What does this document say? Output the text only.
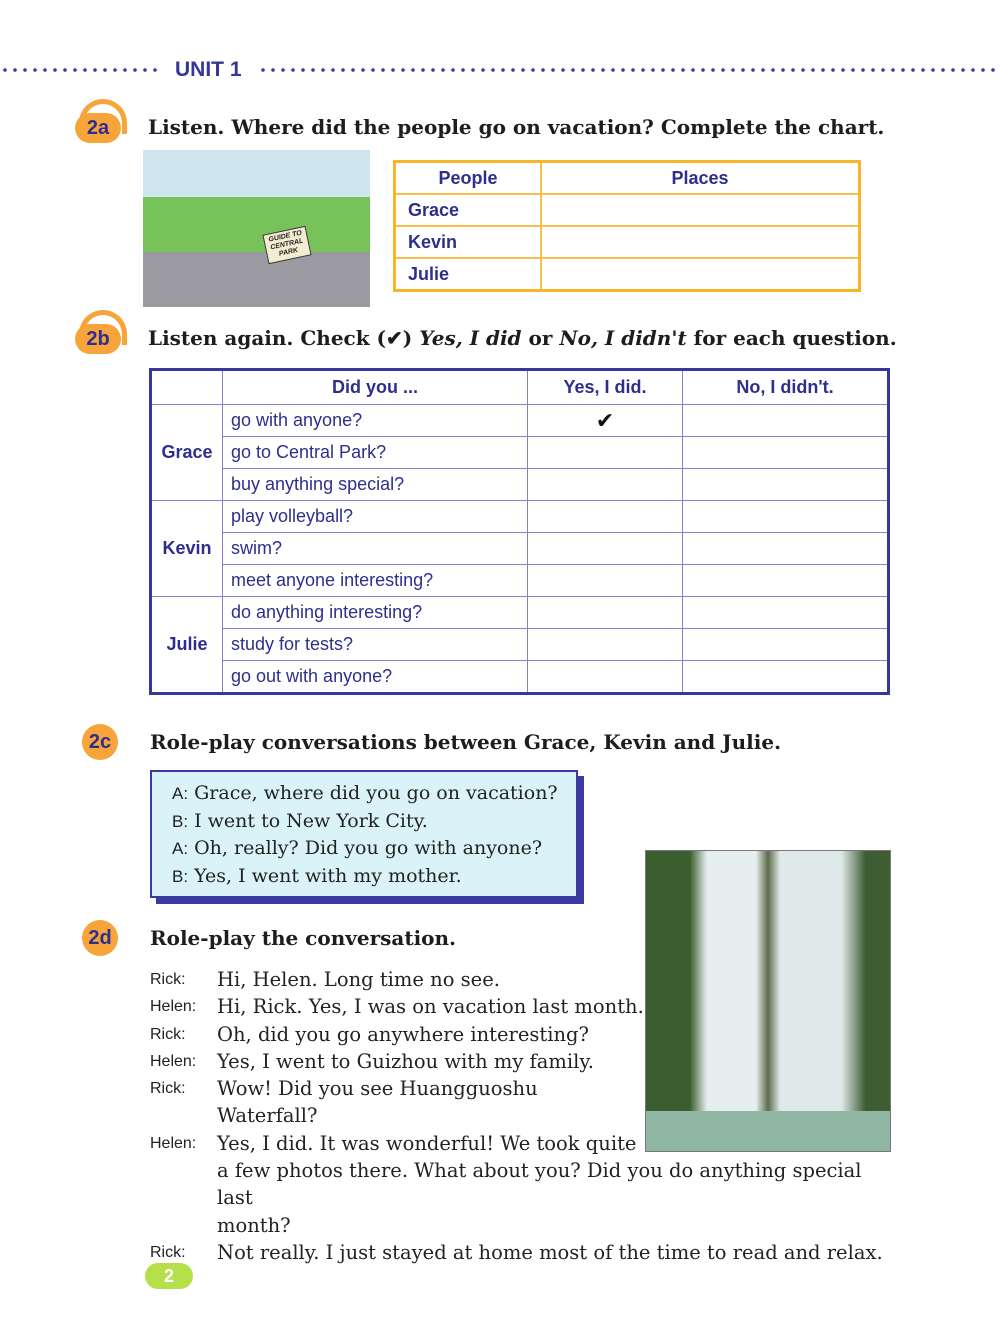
UNIT 1
2a	Listen. Where did the people go on vacation? Complete the chart.
GUIDE TO CENTRAL PARK
People	Places
Grace	
Kevin	
Julie	
2b	Listen again. Check (✔) Yes, I did or No, I didn't for each question.
	Did you ...	Yes, I did.	No, I didn't.
Grace	go with anyone?	✔	
	go to Central Park?		
	buy anything special?		
Kevin	play volleyball?		
	swim?		
	meet anyone interesting?		
Julie	do anything interesting?		
	study for tests?		
	go out with anyone?		
2c	Role-play conversations between Grace, Kevin and Julie.
A: Grace, where did you go on vacation?
B: I went to New York City.
A: Oh, really? Did you go with anyone?
B: Yes, I went with my mother.
2d	Role-play the conversation.
Rick:	Hi, Helen. Long time no see.
Helen:	Hi, Rick. Yes, I was on vacation last month.
Rick:	Oh, did you go anywhere interesting?
Helen:	Yes, I went to Guizhou with my family.
Rick:	Wow! Did you see Huangguoshu
Waterfall?
Helen:	Yes, I did. It was wonderful! We took quite
a few photos there. What about you? Did you do anything special last
month?
Rick:	Not really. I just stayed at home most of the time to read and relax.
2
